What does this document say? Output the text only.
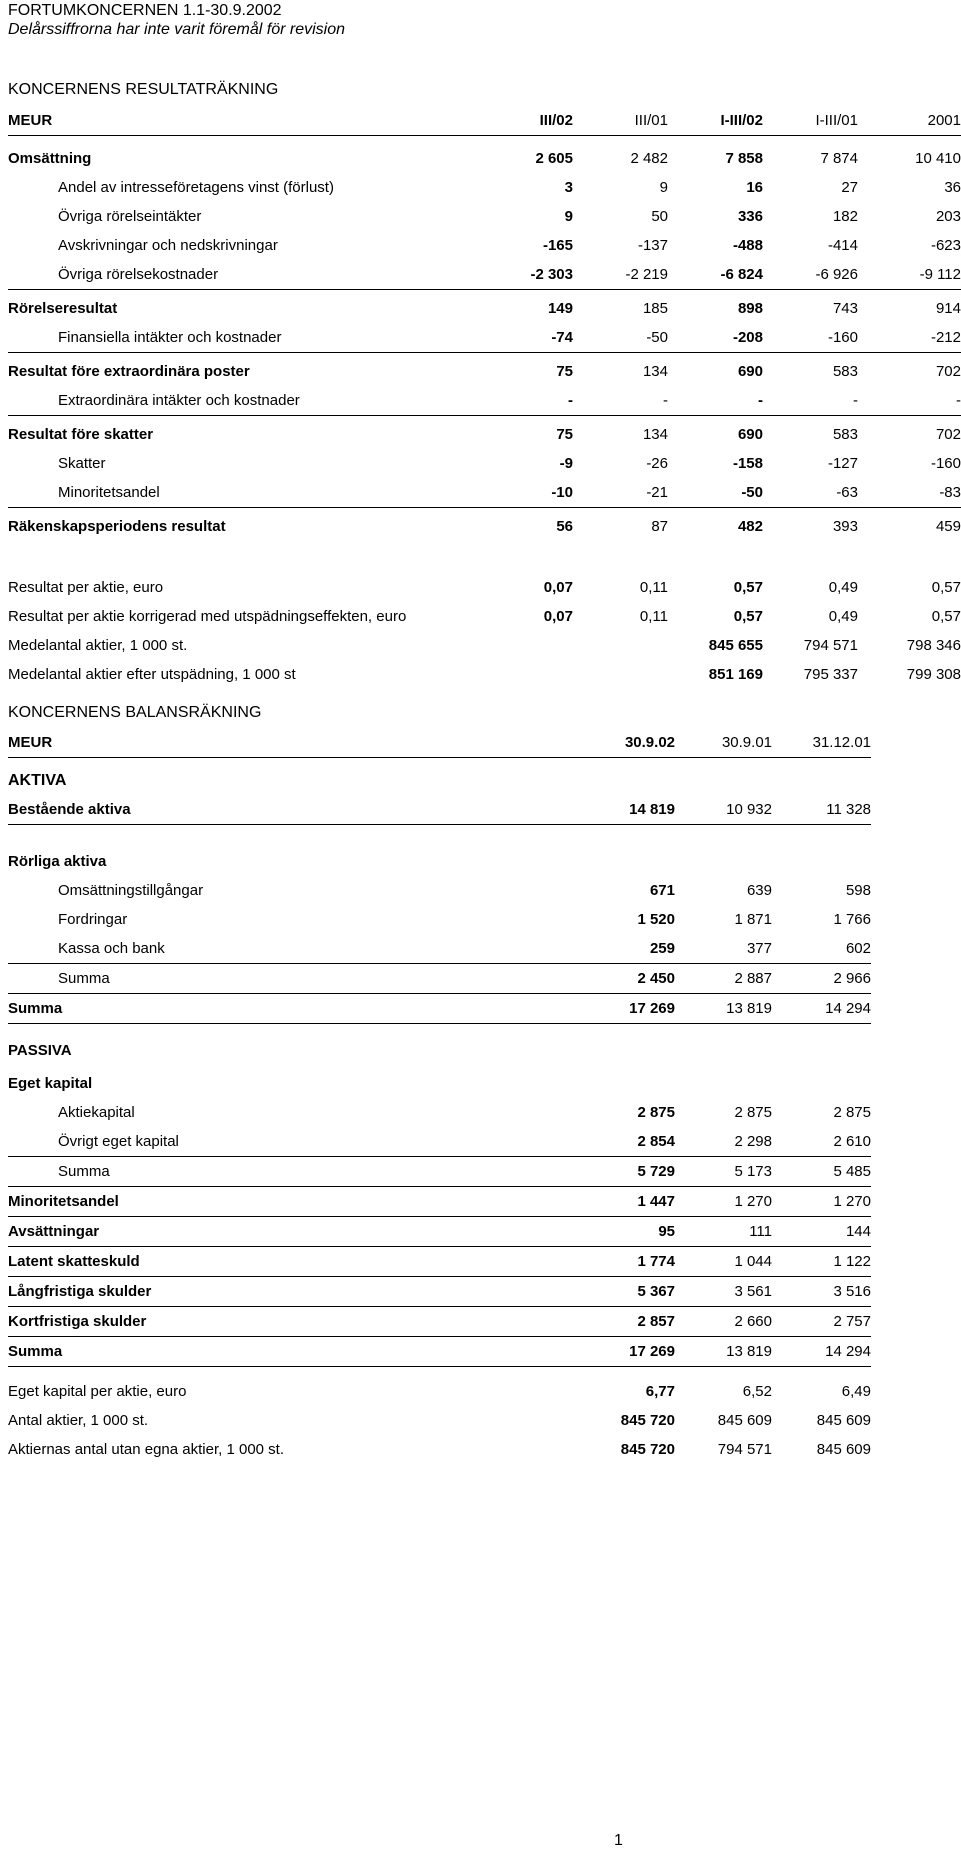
FORTUMKONCERNEN 1.1-30.9.2002
Delårssiffrorna har inte varit föremål för revision
KONCERNENS RESULTATRÄKNING
MEUR	III/02	III/01	I-III/02	I-III/01	2001
Omsättning	2 605	2 482	7 858	7 874	10 410
Andel av intresseföretagens vinst (förlust)	3	9	16	27	36
Övriga rörelseintäkter	9	50	336	182	203
Avskrivningar och nedskrivningar	-165	-137	-488	-414	-623
Övriga rörelsekostnader	-2 303	-2 219	-6 824	-6 926	-9 112

Rörelseresultat	149	185	898	743	914
Finansiella intäkter och kostnader	-74	-50	-208	-160	-212

Resultat före extraordinära poster	75	134	690	583	702
Extraordinära intäkter och kostnader	-	-	-	-	-

Resultat före skatter	75	134	690	583	702
Skatter	-9	-26	-158	-127	-160
Minoritetsandel	-10	-21	-50	-63	-83

Räkenskapsperiodens resultat	56	87	482	393	459
Resultat per aktie, euro	0,07	0,11	0,57	0,49	0,57
Resultat per aktie korrigerad med utspädningseffekten, euro	0,07	0,11	0,57	0,49	0,57
Medelantal aktier, 1 000 st.			845 655	794 571	798 346
Medelantal aktier efter utspädning, 1 000 st			851 169	795 337	799 308
KONCERNENS BALANSRÄKNING
MEUR	30.9.02	30.9.01	31.12.01
AKTIVA			
Bestående aktiva	14 819	10 932	11 328

Rörliga aktiva			
Omsättningstillgångar	671	639	598
Fordringar	1 520	1 871	1 766
Kassa och bank	259	377	602
Summa	2 450	2 887	2 966
Summa	17 269	13 819	14 294

PASSIVA			

Eget kapital			
Aktiekapital	2 875	2 875	2 875
Övrigt eget kapital	2 854	2 298	2 610
Summa	5 729	5 173	5 485
Minoritetsandel	1 447	1 270	1 270
Avsättningar	95	111	144
Latent skatteskuld	1 774	1 044	1 122
Långfristiga skulder	5 367	3 561	3 516
Kortfristiga skulder	2 857	2 660	2 757
Summa	17 269	13 819	14 294

Eget kapital per aktie, euro	6,77	6,52	6,49
Antal aktier, 1 000 st.	845 720	845 609	845 609
Aktiernas antal utan egna aktier, 1 000 st.	845 720	794 571	845 609
1
